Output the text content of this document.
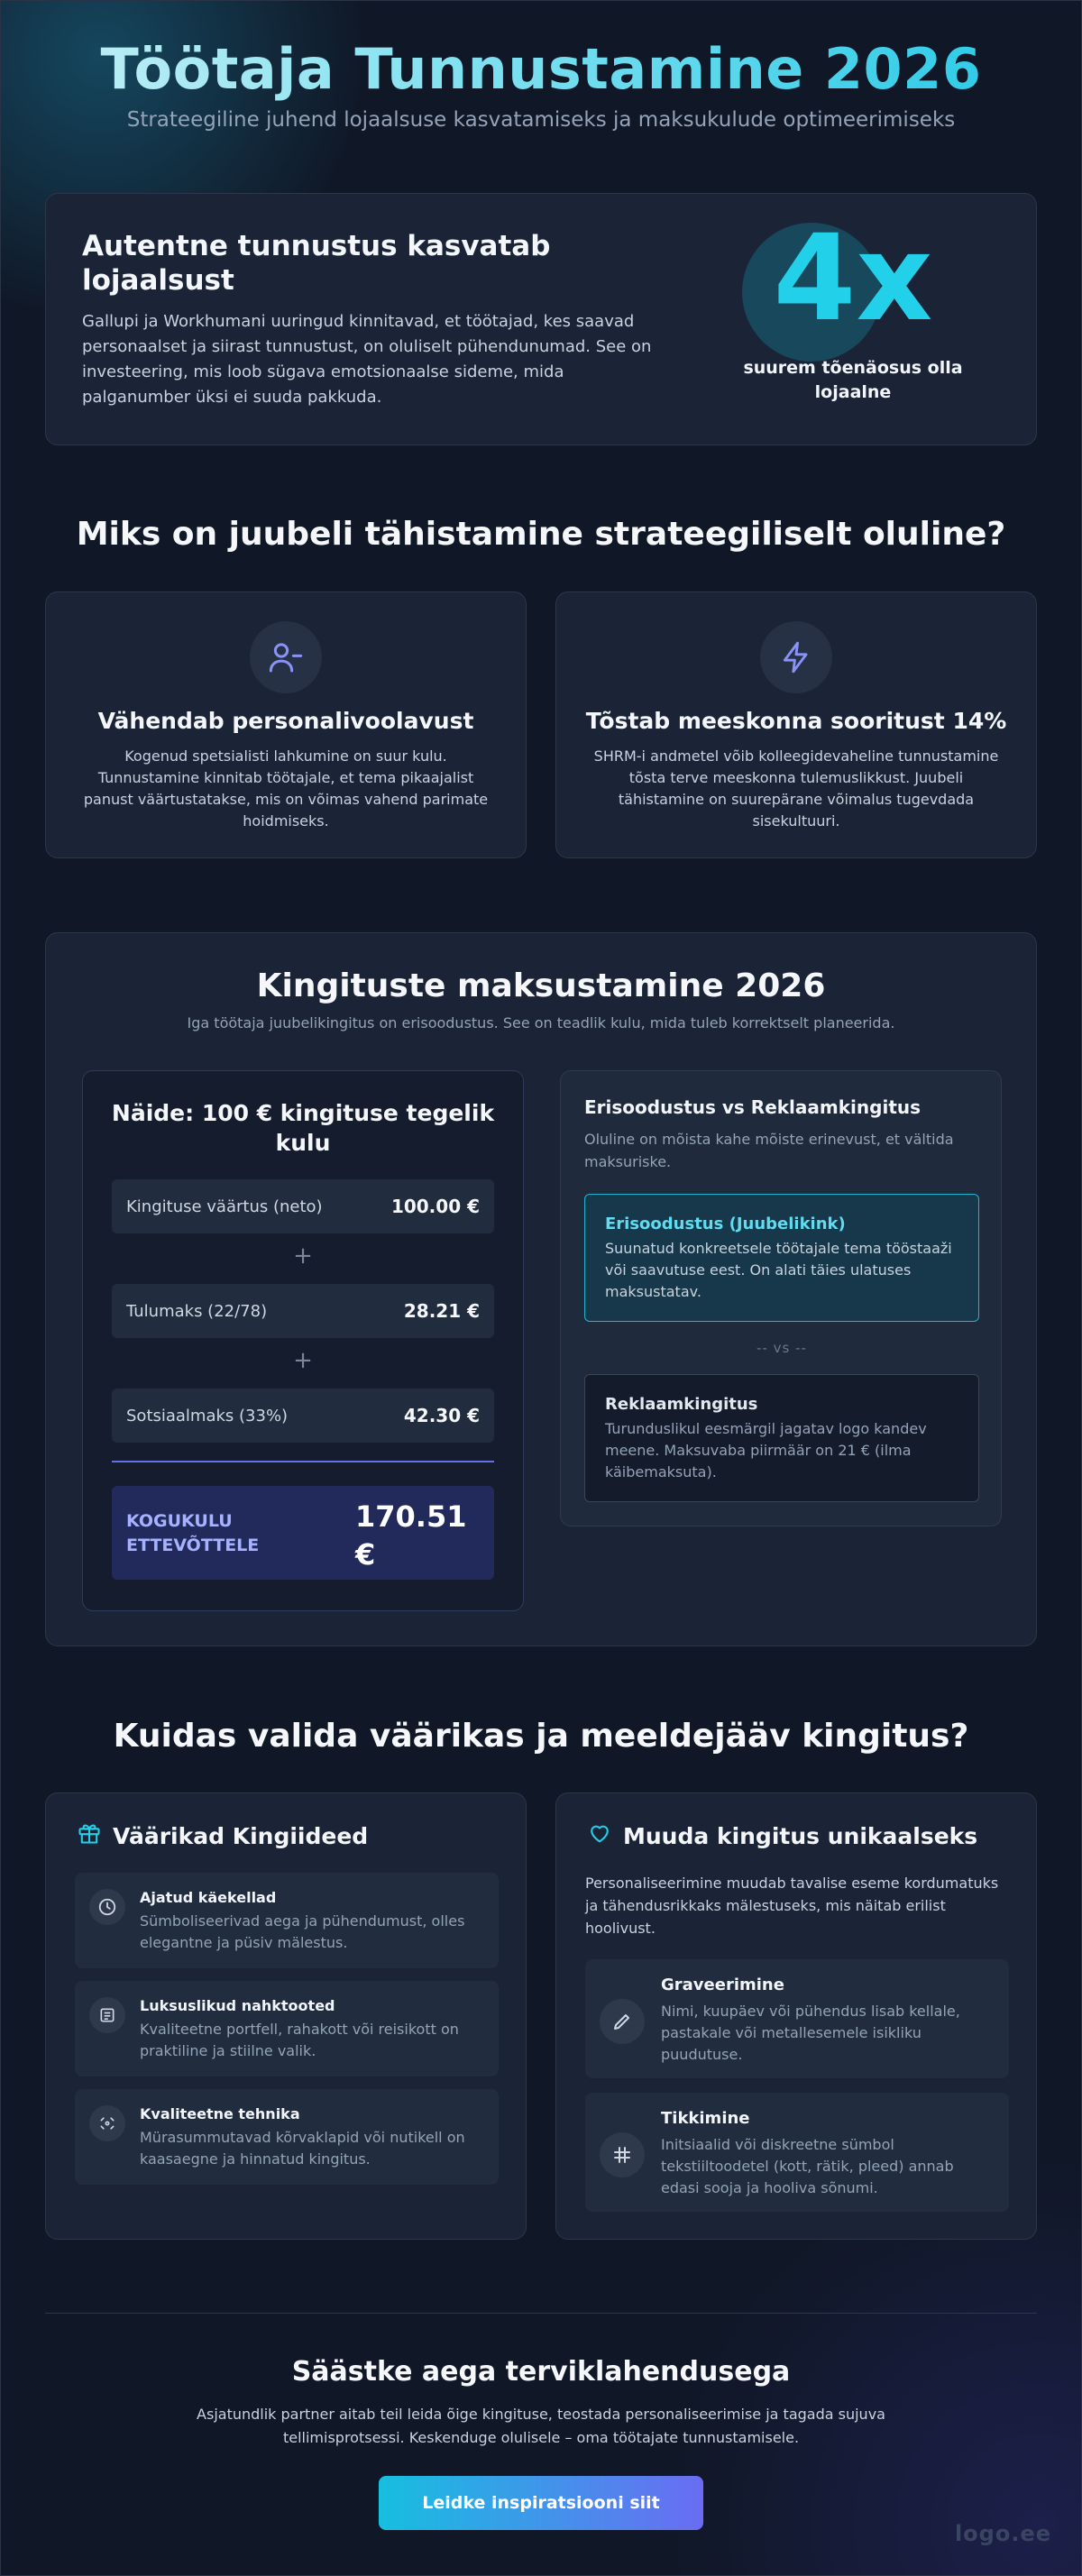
Töötaja Tunnustamine 2026

Strateegiline juhend lojaalsuse kasvatamiseks ja maksukulude optimeerimiseks

Autentne tunnustus kasvatab lojaalsust

Gallupi ja Workhumani uuringud kinnitavad, et töötajad, kes saavad personaalset ja siirast tunnustust, on oluliselt pühendunumad. See on investeering, mis loob sügava emotsionaalse sideme, mida palganumber üksi ei suuda pakkuda.

4x
suurem tõenäosus olla lojaalne
Miks on juubeli tähistamine strateegiliselt oluline?
Vähendab personalivoolavust

Kogenud spetsialisti lahkumine on suur kulu. Tunnustamine kinnitab töötajale, et tema pikaajalist panust väärtustatakse, mis on võimas vahend parimate hoidmiseks.

Tõstab meeskonna sooritust 14%

SHRM-i andmetel võib kolleegidevaheline tunnustamine tõsta terve meeskonna tulemuslikkust. Juubeli tähistamine on suurepärane võimalus tugevdada sisekultuuri.

Kingituste maksustamine 2026

Iga töötaja juubelikingitus on erisoodustus. See on teadlik kulu, mida tuleb korrektselt planeerida.

Näide: 100 € kingituse tegelik kulu
Kingituse väärtus (neto)	100.00 €
+
Tulumaks (22/78)	28.21 €
+
Sotsiaalmaks (33%)	42.30 €
KOGUKULU ETTEVÕTTELE
170.51 €
Erisoodustus vs Reklaamkingitus

Oluline on mõista kahe mõiste erinevust, et vältida maksuriske.

Erisoodustus (Juubelikink)
Suunatud konkreetsele töötajale tema tööstaaži või saavutuse eest. On alati täies ulatuses maksustatav.
-- vs --
Reklaamkingitus
Turunduslikul eesmärgil jagatav logo kandev meene. Maksuvaba piirmäär on 21 € (ilma käibemaksuta).
Kuidas valida väärikas ja meeldejääv kingitus?
Väärikad Kingiideed
Ajatud käekellad
Sümboliseerivad aega ja pühendumust, olles elegantne ja püsiv mälestus.
Luksuslikud nahktooted
Kvaliteetne portfell, rahakott või reisikott on praktiline ja stiilne valik.
Kvaliteetne tehnika
Mürasummutavad kõrvaklapid või nutikell on kaasaegne ja hinnatud kingitus.
Muuda kingitus unikaalseks

Personaliseerimine muudab tavalise eseme kordumatuks ja tähendusrikkaks mälestuseks, mis näitab erilist hoolivust.

Graveerimine
Nimi, kuupäev või pühendus lisab kellale, pastakale või metallesemele isikliku puudutuse.
Tikkimine
Initsiaalid või diskreetne sümbol tekstiiltoodetel (kott, rätik, pleed) annab edasi sooja ja hooliva sõnumi.
Säästke aega terviklahendusega

Asjatundlik partner aitab teil leida õige kingituse, teostada personaliseerimise ja tagada sujuva tellimisprotsessi. Keskenduge olulisele – oma töötajate tunnustamisele.

Leidke inspiratsiooni siit
logo.ee
